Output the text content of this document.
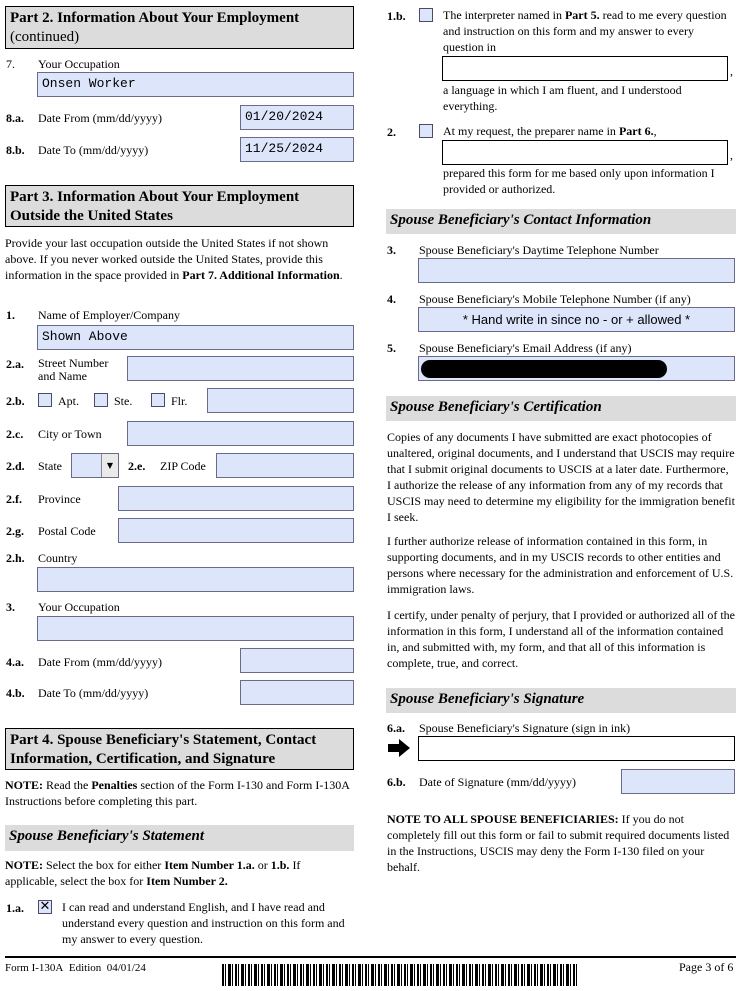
Part 2. Information About Your Employment
(continued)
7. Your Occupation
Onsen Worker
8.a. Date From (mm/dd/yyyy)	01/20/2024
8.b. Date To (mm/dd/yyyy)	11/25/2024
Part 3. Information About Your Employment Outside the United States
Provide your last occupation outside the United States if not shown above. If you never worked outside the United States, provide this information in the space provided in Part 7. Additional Information.
1. Name of Employer/Company
Shown Above
2.a. Street Number and Name
2.b.	Apt.	Ste.	Flr.
2.c. City or Town
2.d. State	▼	2.e. ZIP Code
2.f. Province
2.g. Postal Code
2.h. Country
3. Your Occupation
4.a. Date From (mm/dd/yyyy)
4.b. Date To (mm/dd/yyyy)
Part 4. Spouse Beneficiary's Statement, Contact Information, Certification, and Signature
NOTE: Read the Penalties section of the Form I-130 and Form I-130A Instructions before completing this part.
Spouse Beneficiary's Statement
NOTE: Select the box for either Item Number 1.a. or 1.b. If applicable, select the box for Item Number 2.
1.a. ✕ I can read and understand English, and I have read and understand every question and instruction on this form and my answer to every question.
1.b.	The interpreter named in Part 5. read to me every question and instruction on this form and my answer to every question in
,
a language in which I am fluent, and I understood everything.
2.	At my request, the preparer name in Part 6.,
,
prepared this form for me based only upon information I provided or authorized.
Spouse Beneficiary's Contact Information
3. Spouse Beneficiary's Daytime Telephone Number
4. Spouse Beneficiary's Mobile Telephone Number (if any)
* Hand write in since no - or + allowed *
5. Spouse Beneficiary's Email Address (if any)
Spouse Beneficiary's Certification
Copies of any documents I have submitted are exact photocopies of unaltered, original documents, and I understand that USCIS may require that I submit original documents to USCIS at a later date. Furthermore, I authorize the release of any information from any of my records that USCIS may need to determine my eligibility for the immigration benefit I seek.
I further authorize release of information contained in this form, in supporting documents, and in my USCIS records to other entities and persons where necessary for the administration and enforcement of U.S. immigration laws.
I certify, under penalty of perjury, that I provided or authorized all of the information in this form, I understand all of the information contained in, and submitted with, my form, and that all of this information is complete, true, and correct.
Spouse Beneficiary's Signature
6.a. Spouse Beneficiary's Signature (sign in ink)
6.b. Date of Signature (mm/dd/yyyy)
NOTE TO ALL SPOUSE BENEFICIARIES: If you do not completely fill out this form or fail to submit required documents listed in the Instructions, USCIS may deny the Form I-130 filed on your behalf.
Form I-130A Edition 04/01/24	Page 3 of 6
